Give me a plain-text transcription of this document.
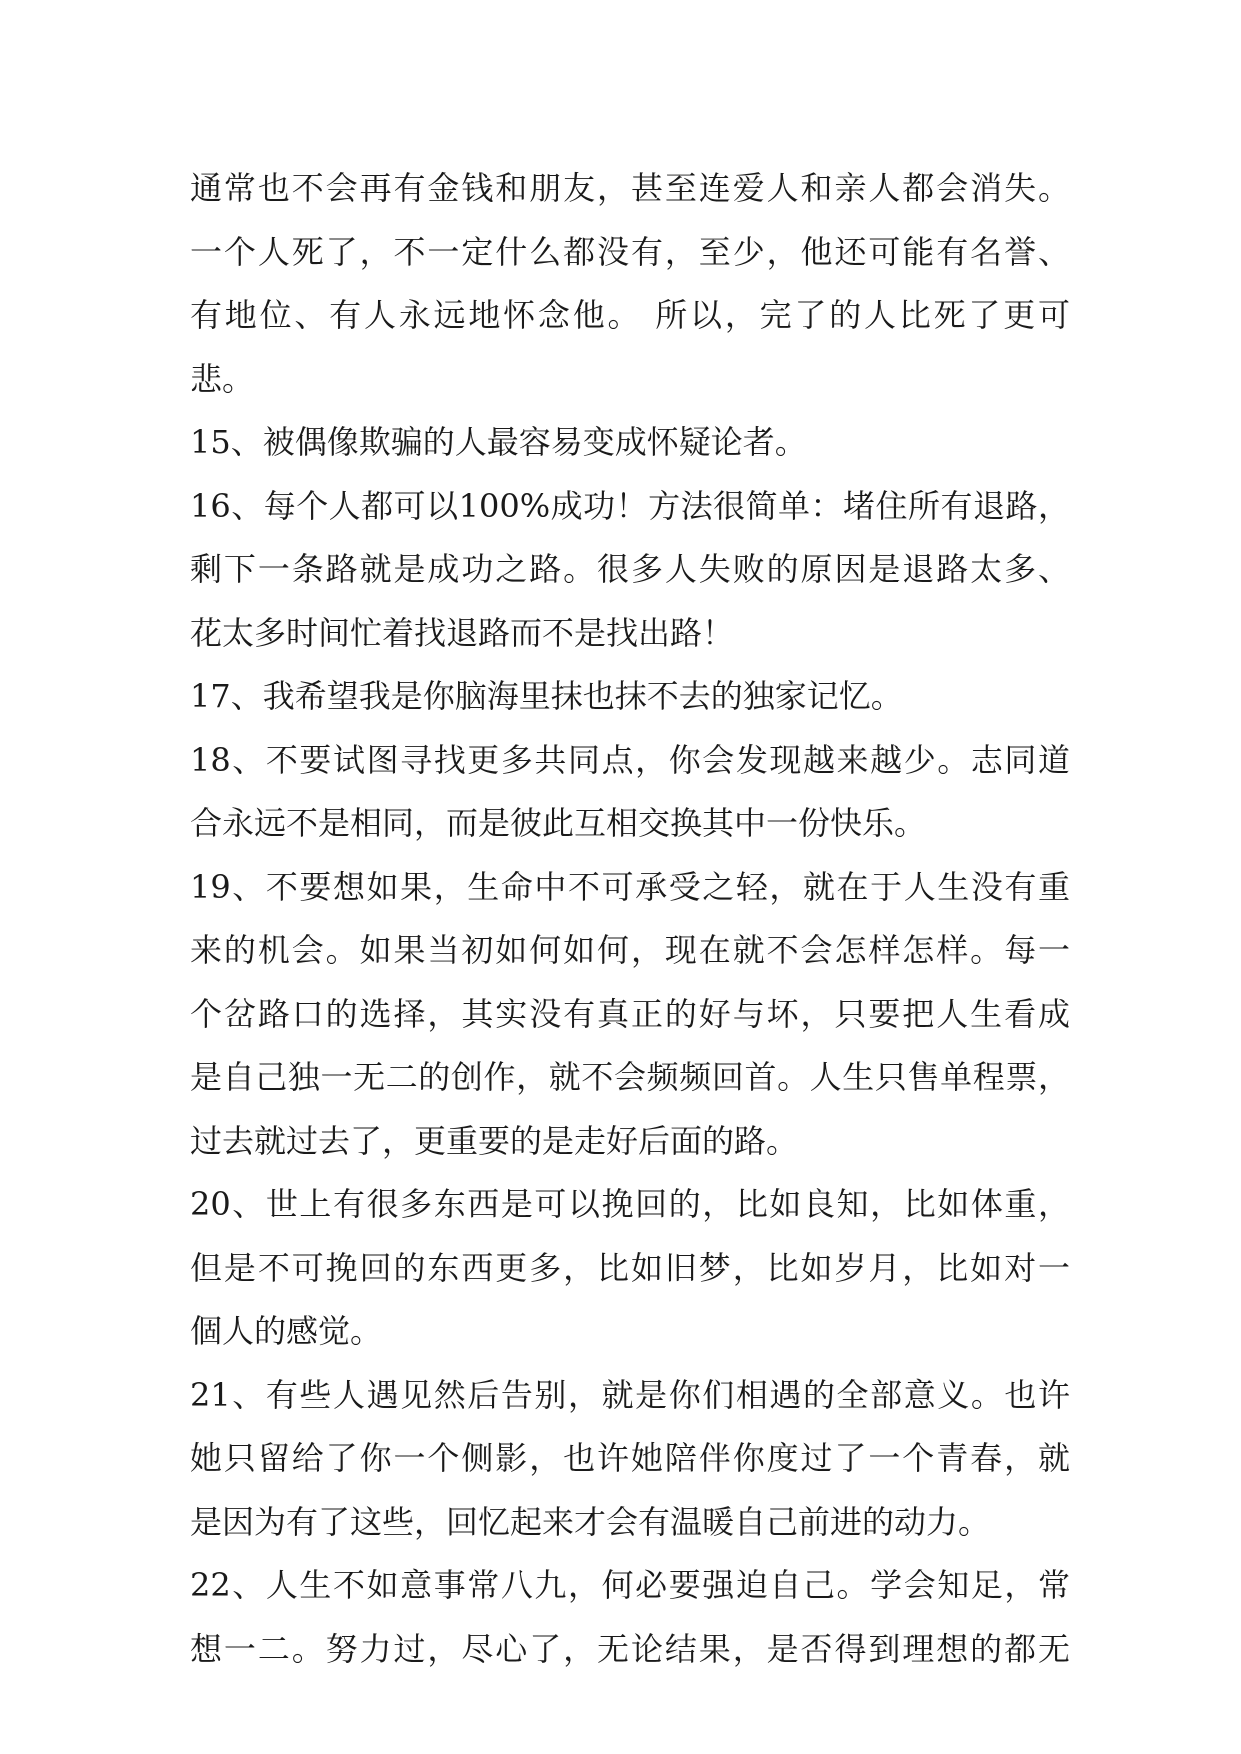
通常也不会再有金钱和朋友，甚至连爱人和亲人都会消失。
一个人死了，不一定什么都没有，至少，他还可能有名誉、
有地位、有人永远地怀念他。 所以，完了的人比死了更可
悲。
15、被偶像欺骗的人最容易变成怀疑论者。
16、每个人都可以100%成功！方法很简单：堵住所有退路，
剩下一条路就是成功之路。很多人失败的原因是退路太多、
花太多时间忙着找退路而不是找出路！
17、我希望我是你脑海里抹也抹不去的独家记忆。
18、不要试图寻找更多共同点，你会发现越来越少。志同道
合永远不是相同，而是彼此互相交换其中一份快乐。
19、不要想如果，生命中不可承受之轻，就在于人生没有重
来的机会。如果当初如何如何，现在就不会怎样怎样。每一
个岔路口的选择，其实没有真正的好与坏，只要把人生看成
是自己独一无二的创作，就不会频频回首。人生只售单程票，
过去就过去了，更重要的是走好后面的路。
20、世上有很多东西是可以挽回的，比如良知，比如体重，
但是不可挽回的东西更多，比如旧梦，比如岁月，比如对一
個人的感觉。
21、有些人遇见然后告别，就是你们相遇的全部意义。也许
她只留给了你一个侧影，也许她陪伴你度过了一个青春，就
是因为有了这些，回忆起来才会有温暖自己前进的动力。
22、人生不如意事常八九，何必要强迫自己。学会知足，常
想一二。努力过，尽心了，无论结果，是否得到理想的都无
